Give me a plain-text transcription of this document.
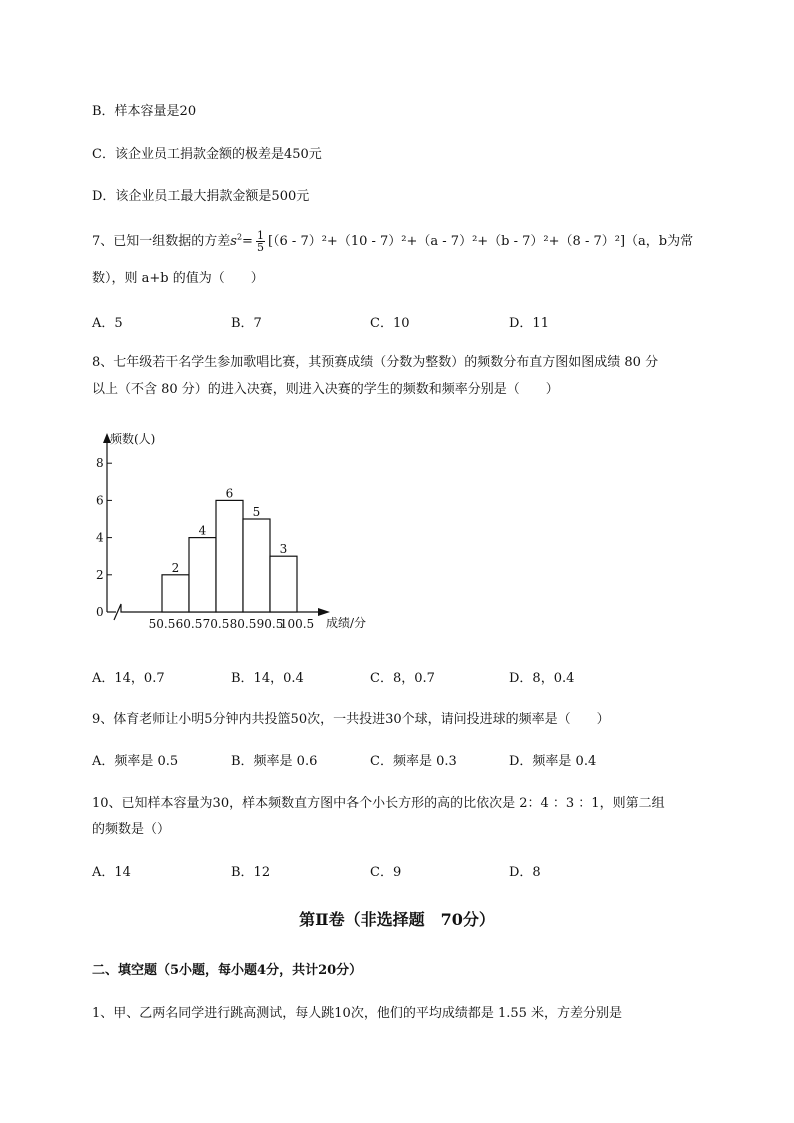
B．样本容量是20
C．该企业员工捐款金额的极差是450元
D．该企业员工最大捐款金额是500元
7、已知一组数据的方差$s^2= \frac{1}{5} [(6 - 7)^2+(10 - 7)^2+(a - 7)^2+(b - 7)^2+(8 - 7)^2](a$，b为常
数），则 a+b 的值为（　　）
A．5	B．7	C．10	D．11
8、七年级若干名学生参加歌唱比赛，其预赛成绩（分数为整数）的频数分布直方图如图成绩 80 分
以上（不含 80 分）的进入决赛，则进入决赛的学生的频数和频率分别是（　　）
0
2
4
6
8
2
4
6
5
3
50.5 60.5 70.5 80.5 90.5
100.5
频数(人)
成绩/分
A．14，0.7	B．14，0.4	C．8，0.7	D．8，0.4
9、体育老师让小明5分钟内共投篮50次，一共投进30个球，请问投进球的频率是（　　）
A．频率是 0.5	B．频率是 0.6	C．频率是 0.3	D．频率是 0.4
10、已知样本容量为30，样本频数直方图中各个小长方形的高的比依次是 2：4 ：3 ：1，则第二组
的频数是（）
A．14	B．12	C．9	D．8
第Ⅱ卷（非选择题　70分）
二、填空题（5小题，每小题4分，共计20分）
1、甲、乙两名同学进行跳高测试，每人跳10次，他们的平均成绩都是 1.55 米，方差分别是
